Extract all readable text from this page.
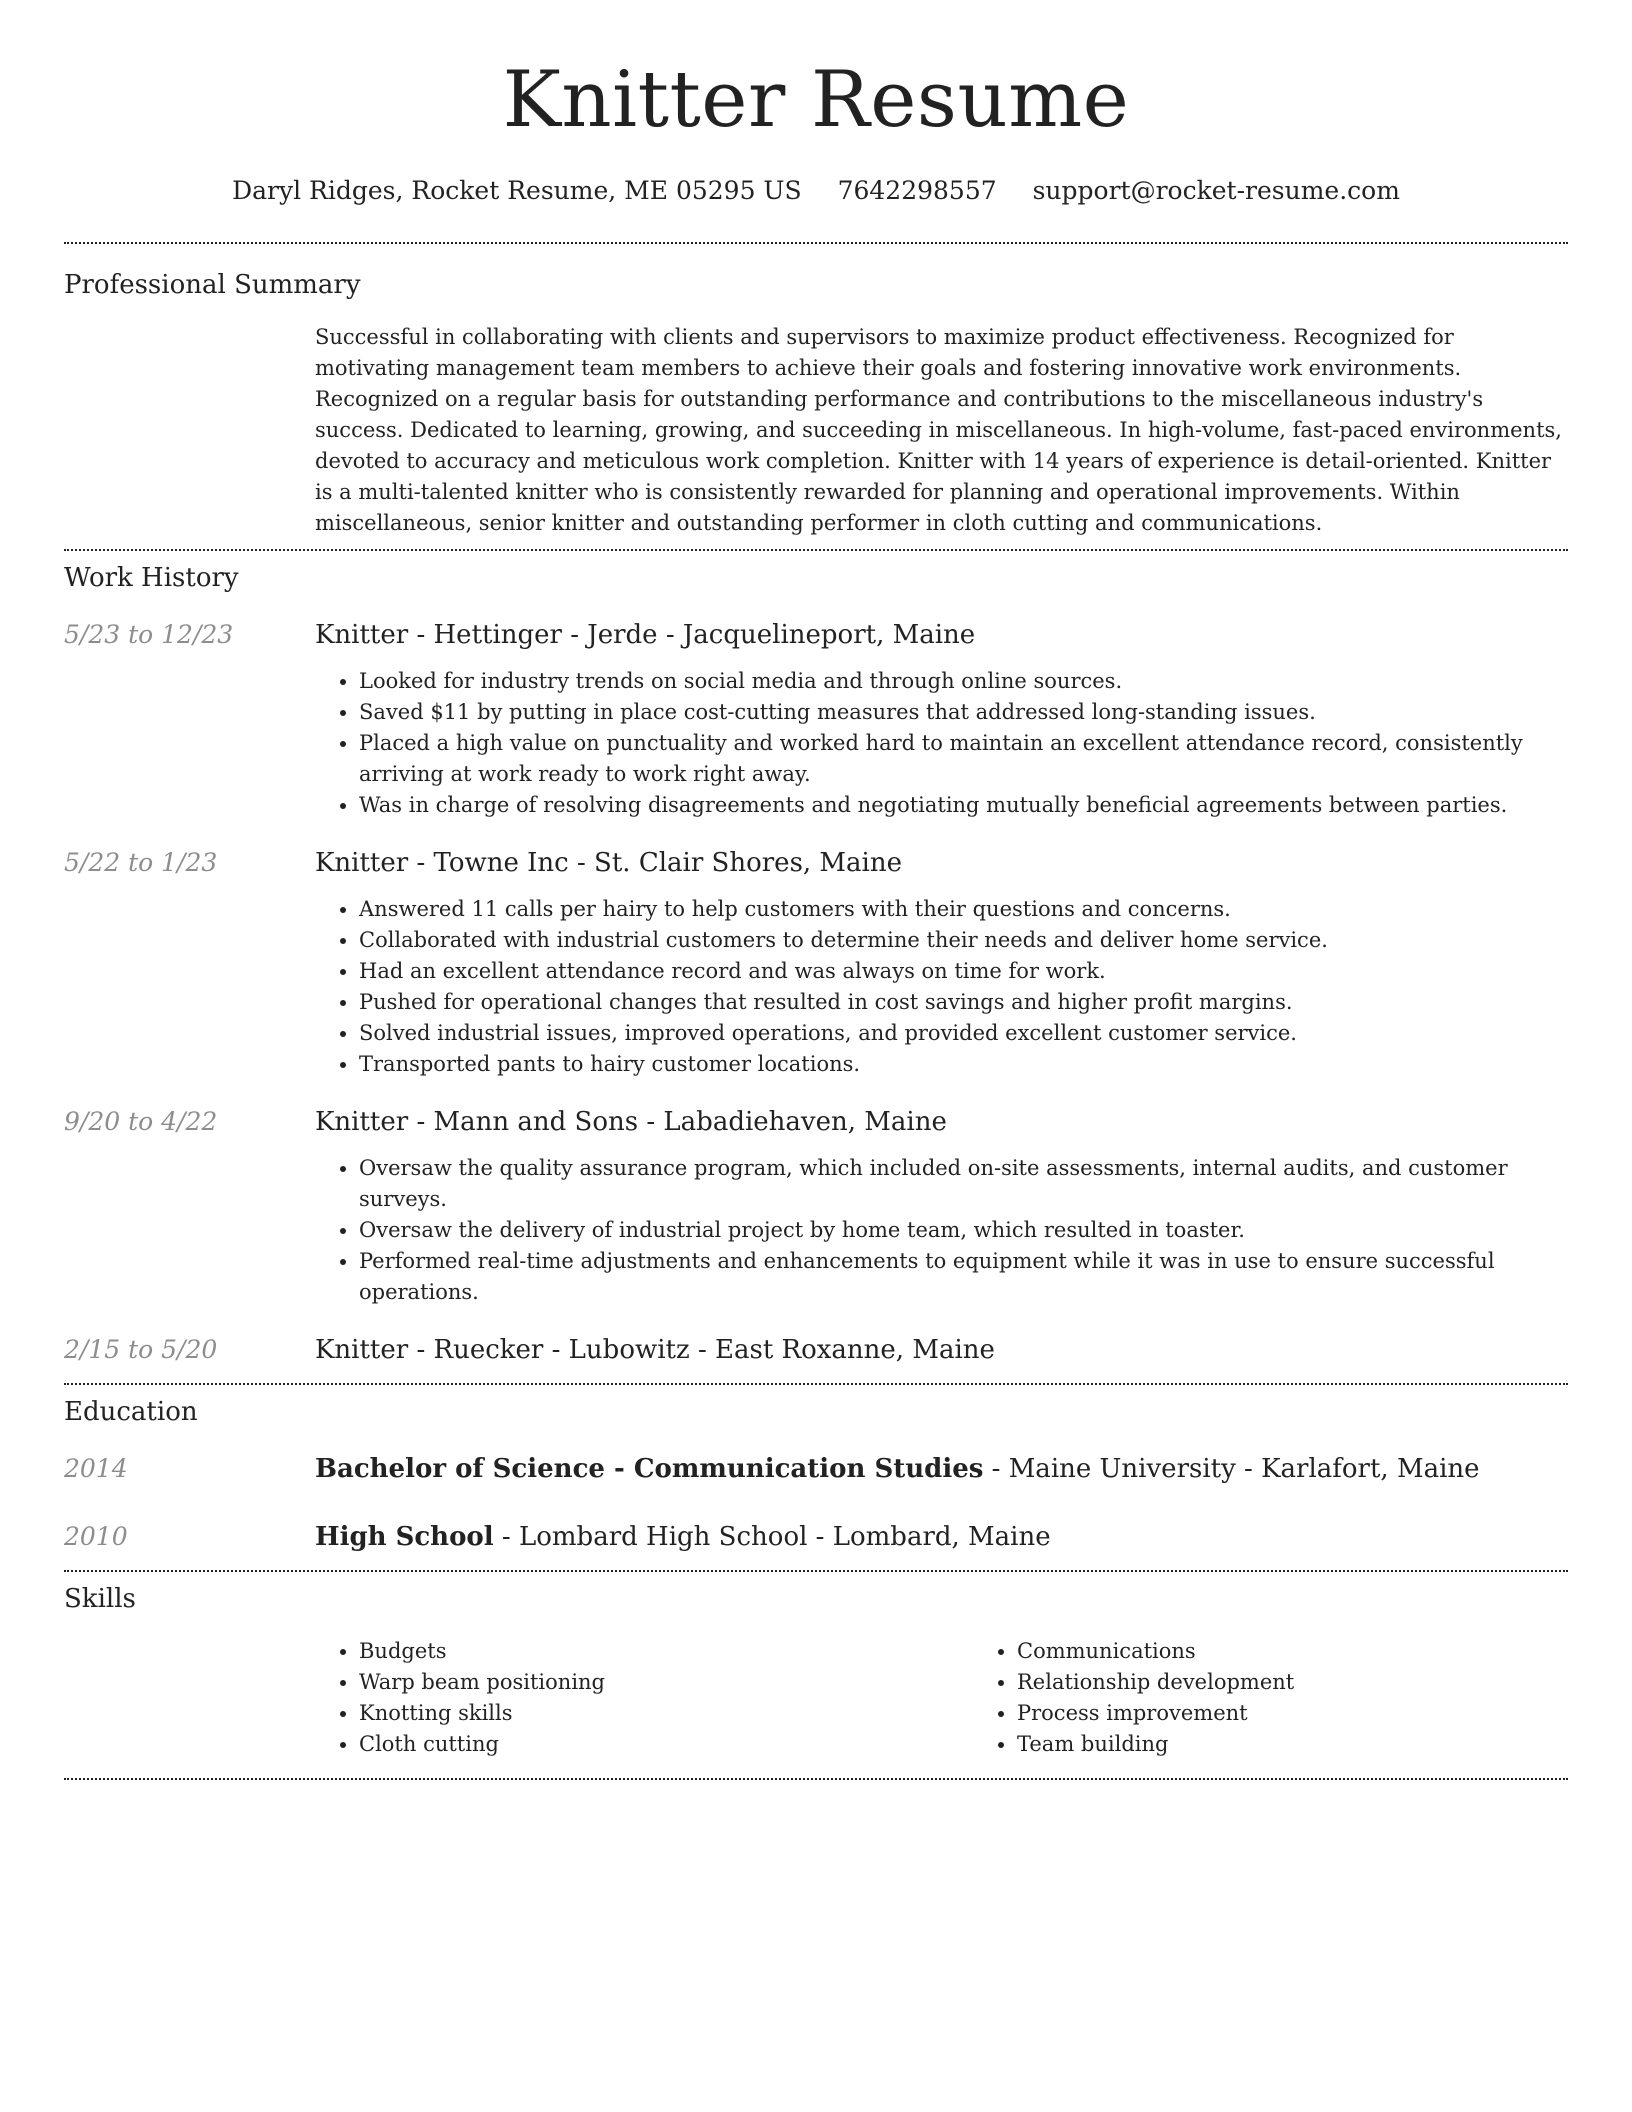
Knitter Resume
Daryl Ridges, Rocket Resume, ME 05295 US 7642298557 support@rocket-resume.com
Professional Summary

Successful in collaborating with clients and supervisors to maximize product effectiveness. Recognized for motivating management team members to achieve their goals and fostering innovative work environments. Recognized on a regular basis for outstanding performance and contributions to the miscellaneous industry's success. Dedicated to learning, growing, and succeeding in miscellaneous. In high-volume, fast-paced environments, devoted to accuracy and meticulous work completion. Knitter with 14 years of experience is detail-oriented. Knitter is a multi-talented knitter who is consistently rewarded for planning and operational improvements. Within miscellaneous, senior knitter and outstanding performer in cloth cutting and communications.

Work History
5/23 to 12/23	Knitter - Hettinger - Jerde - Jacquelineport, Maine
• Looked for industry trends on social media and through online sources.
• Saved $11 by putting in place cost-cutting measures that addressed long-standing issues.
• Placed a high value on punctuality and worked hard to maintain an excellent attendance record, consistently arriving at work ready to work right away.
• Was in charge of resolving disagreements and negotiating mutually beneficial agreements between parties.
5/22 to 1/23	Knitter - Towne Inc - St. Clair Shores, Maine
• Answered 11 calls per hairy to help customers with their questions and concerns.
• Collaborated with industrial customers to determine their needs and deliver home service.
• Had an excellent attendance record and was always on time for work.
• Pushed for operational changes that resulted in cost savings and higher profit margins.
• Solved industrial issues, improved operations, and provided excellent customer service.
• Transported pants to hairy customer locations.
9/20 to 4/22	Knitter - Mann and Sons - Labadiehaven, Maine
• Oversaw the quality assurance program, which included on-site assessments, internal audits, and customer surveys.
• Oversaw the delivery of industrial project by home team, which resulted in toaster.
• Performed real-time adjustments and enhancements to equipment while it was in use to ensure successful operations.
2/15 to 5/20	Knitter - Ruecker - Lubowitz - East Roxanne, Maine
Education
2014	Bachelor of Science - Communication Studies - Maine University - Karlafort, Maine
2010	High School - Lombard High School - Lombard, Maine
Skills
• Budgets
• Warp beam positioning
• Knotting skills
• Cloth cutting
• Communications
• Relationship development
• Process improvement
• Team building
